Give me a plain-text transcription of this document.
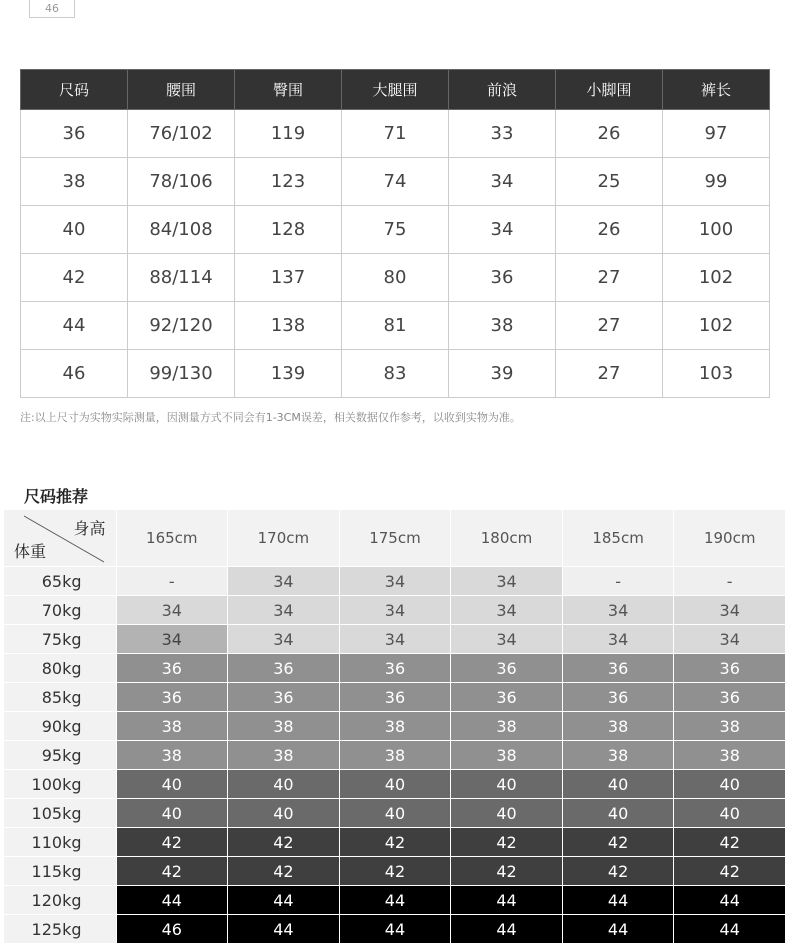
46
尺码	腰围	臀围	大腿围	前浪	小脚围	裤长
36	76/102	119	71	33	26	97
38	78/106	123	74	34	25	99
40	84/108	128	75	34	26	100
42	88/114	137	80	36	27	102
44	92/120	138	81	38	27	102
46	99/130	139	83	39	27	103
注:以上尺寸为实物实际测量，因测量方式不同会有1-3CM误差，相关数据仅作参考，以收到实物为准。
尺码推荐
身高
体重	165cm	170cm	175cm	180cm	185cm	190cm
65kg	-	34	34	34	-	-
70kg	34	34	34	34	34	34
75kg	34	34	34	34	34	34
80kg	36	36	36	36	36	36
85kg	36	36	36	36	36	36
90kg	38	38	38	38	38	38
95kg	38	38	38	38	38	38
100kg	40	40	40	40	40	40
105kg	40	40	40	40	40	40
110kg	42	42	42	42	42	42
115kg	42	42	42	42	42	42
120kg	44	44	44	44	44	44
125kg	46	44	44	44	44	44
